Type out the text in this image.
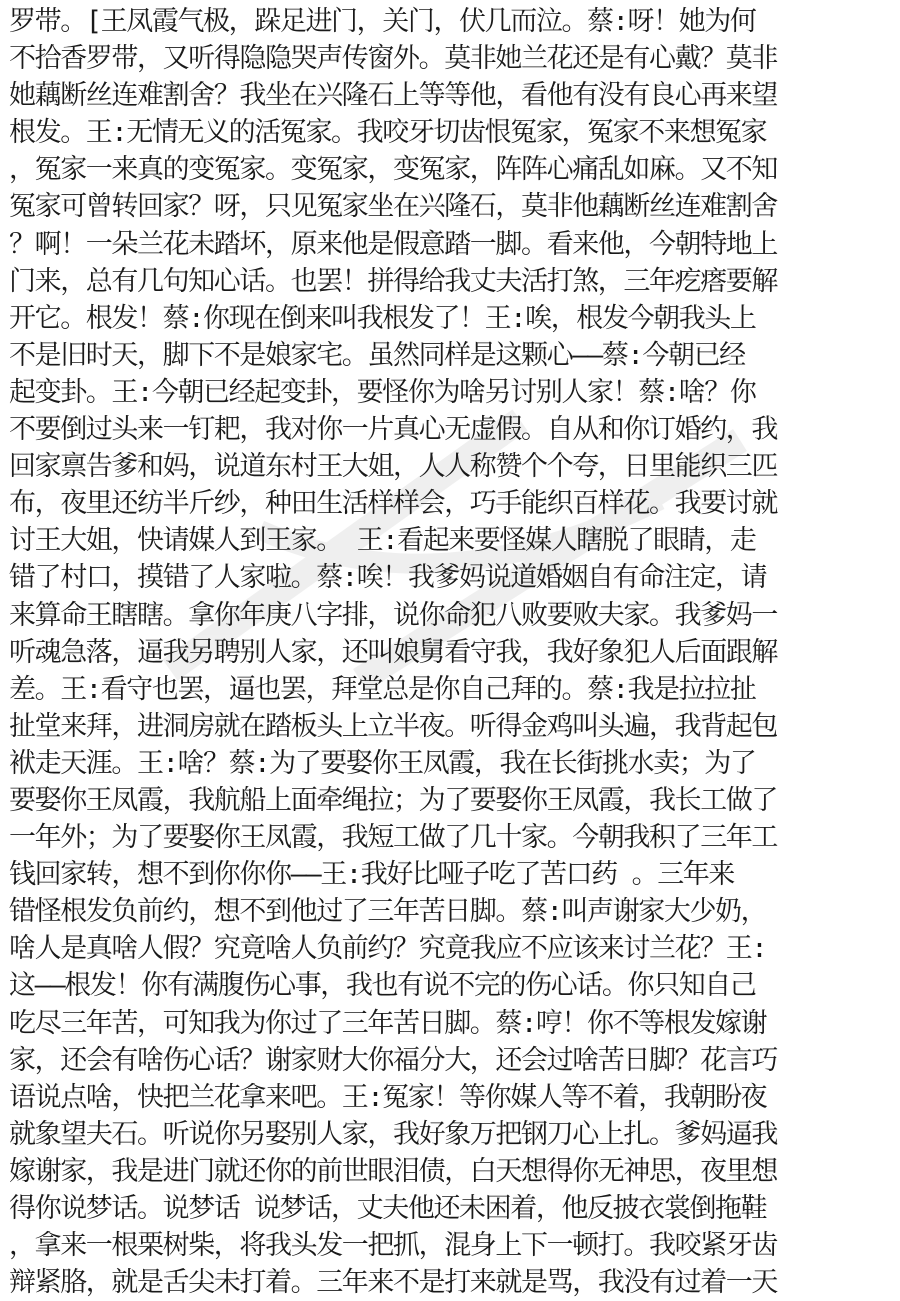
罗带。[王凤霞气极，跺足进门，关门，伏几而泣。蔡:呀！她为何
不拾香罗带，又听得隐隐哭声传窗外。莫非她兰花还是有心戴？莫非
她藕断丝连难割舍？我坐在兴隆石上等等他，看他有没有良心再来望
根发。王:无情无义的活冤家。我咬牙切齿恨冤家，冤家不来想冤家
，冤家一来真的变冤家。变冤家，变冤家，阵阵心痛乱如麻。又不知
冤家可曾转回家？呀，只见冤家坐在兴隆石，莫非他藕断丝连难割舍
？啊！一朵兰花未踏坏，原来他是假意踏一脚。看来他，今朝特地上
门来，总有几句知心话。也罢！拼得给我丈夫活打煞，三年疙瘩要解
开它。根发！蔡:你现在倒来叫我根发了！王:唉，根发今朝我头上
不是旧时天，脚下不是娘家宅。虽然同样是这颗心——蔡:今朝已经
起变卦。王:今朝已经起变卦，要怪你为啥另讨别人家！蔡:啥？你
不要倒过头来一钉耙，我对你一片真心无虚假。自从和你订婚约，我
回家禀告爹和妈，说道东村王大姐，人人称赞个个夸，日里能织三匹
布，夜里还纺半斤纱，种田生活样样会，巧手能织百样花。我要讨就
讨王大姐，快请媒人到王家。 王:看起来要怪媒人瞎脱了眼睛，走
错了村口，摸错了人家啦。蔡:唉！我爹妈说道婚姻自有命注定，请
来算命王瞎瞎。拿你年庚八字排，说你命犯八败要败夫家。我爹妈一
听魂急落，逼我另聘别人家，还叫娘舅看守我，我好象犯人后面跟解
差。王:看守也罢，逼也罢，拜堂总是你自己拜的。蔡:我是拉拉扯
扯堂来拜，进洞房就在踏板头上立半夜。听得金鸡叫头遍，我背起包
袱走天涯。王:啥？蔡:为了要娶你王凤霞，我在长街挑水卖；为了
要娶你王凤霞，我航船上面牵绳拉；为了要娶你王凤霞，我长工做了
一年外；为了要娶你王凤霞，我短工做了几十家。今朝我积了三年工
钱回家转，想不到你你你——王:我好比哑子吃了苦口药 。三年来
错怪根发负前约，想不到他过了三年苦日脚。蔡:叫声谢家大少奶，
啥人是真啥人假？究竟啥人负前约？究竟我应不应该来讨兰花？王:
这——根发！你有满腹伤心事，我也有说不完的伤心话。你只知自己
吃尽三年苦，可知我为你过了三年苦日脚。蔡:哼！你不等根发嫁谢
家，还会有啥伤心话？谢家财大你福分大，还会过啥苦日脚？花言巧
语说点啥，快把兰花拿来吧。王:冤家！等你媒人等不着，我朝盼夜
就象望夫石。听说你另娶别人家，我好象万把钢刀心上扎。爹妈逼我
嫁谢家，我是进门就还你的前世眼泪债，白天想得你无神思，夜里想
得你说梦话。说梦话 说梦话，丈夫他还未困着，他反披衣裳倒拖鞋
，拿来一根栗树柴，将我头发一把抓，混身上下一顿打。我咬紧牙齿
辩紧胳，就是舌尖未打着。三年来不是打来就是骂，我没有过着一天
